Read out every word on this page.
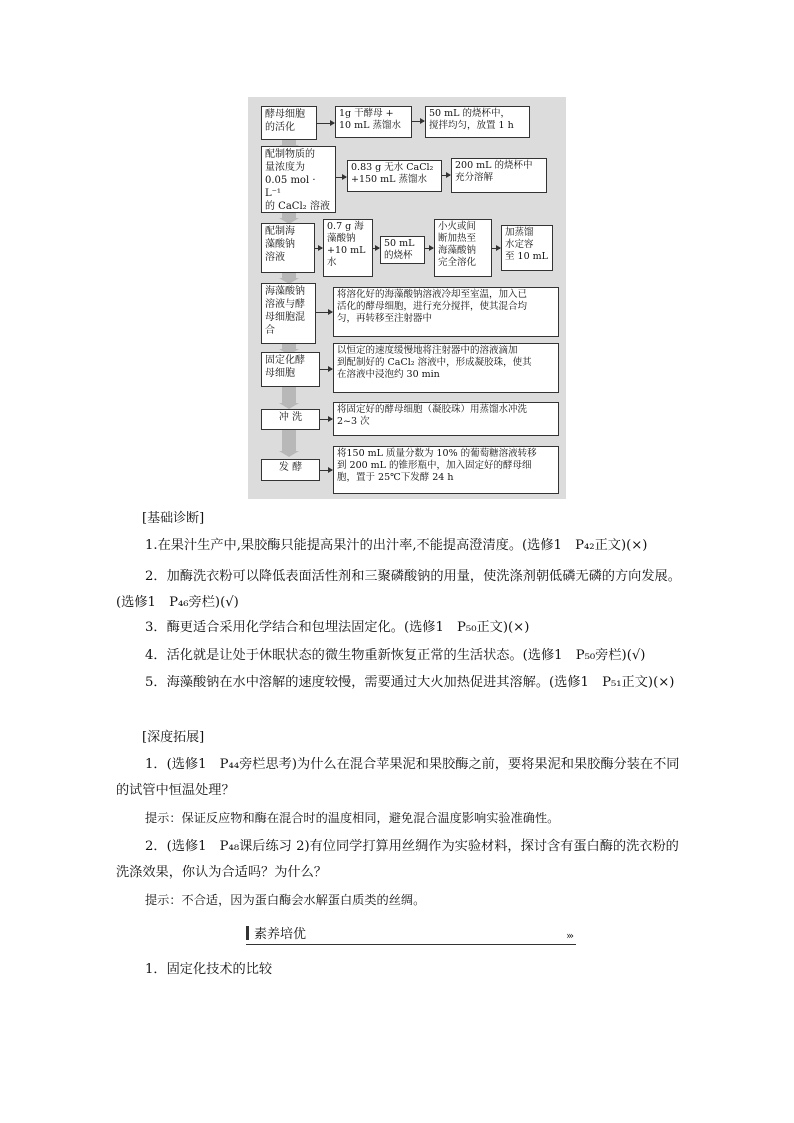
酵母细胞
的活化
1g 干酵母 +
10 mL 蒸馏水
50 mL 的烧杯中，
搅拌均匀，放置 1 h
配制物质的
量浓度为
0.05 mol · L⁻¹
的 CaCl₂ 溶液
0.83 g 无水 CaCl₂
+150 mL 蒸馏水
200 mL 的烧杯中
充分溶解
配制海
藻酸钠
溶液
0.7 g 海
藻酸钠
+10 mL
水
50 mL
的烧杯
小火或间
断加热至
海藻酸钠
完全溶化
加蒸馏
水定容
至 10 mL
海藻酸钠
溶液与酵
母细胞混
合
将溶化好的海藻酸钠溶液冷却至室温，加入已
活化的酵母细胞，进行充分搅拌，使其混合均
匀，再转移至注射器中
固定化酵
母细胞
以恒定的速度缓慢地将注射器中的溶液滴加
到配制好的 CaCl₂ 溶液中，形成凝胶珠，使其
在溶液中浸泡约 30 min
冲 洗
将固定好的酵母细胞（凝胶珠）用蒸馏水冲洗
2~3 次
发 酵
将150 mL 质量分数为 10% 的葡萄糖溶液转移
到 200 mL 的锥形瓶中，加入固定好的酵母细
胞，置于 25℃下发酵 24 h
[基础诊断]
1.在果汁生产中,果胶酶只能提高果汁的出汁率,不能提高澄清度。(选修1　P₄₂正文)(×)
2．加酶洗衣粉可以降低表面活性剂和三聚磷酸钠的用量，使洗涤剂朝低磷无磷的方向发展。(选修1　P₄₆旁栏)(√)
3．酶更适合采用化学结合和包埋法固定化。(选修1　P₅₀正文)(×)
4．活化就是让处于休眠状态的微生物重新恢复正常的生活状态。(选修1　P₅₀旁栏)(√)
5．海藻酸钠在水中溶解的速度较慢，需要通过大火加热促进其溶解。(选修1　P₅₁正文)(×)
[深度拓展]
1．(选修1　P₄₄旁栏思考)为什么在混合苹果泥和果胶酶之前，要将果泥和果胶酶分装在不同的试管中恒温处理？
提示：保证反应物和酶在混合时的温度相同，避免混合温度影响实验准确性。
2．(选修1　P₄₈课后练习 2)有位同学打算用丝绸作为实验材料，探讨含有蛋白酶的洗衣粉的洗涤效果，你认为合适吗？为什么？
提示：不合适，因为蛋白酶会水解蛋白质类的丝绸。
素养培优	›››
1．固定化技术的比较
